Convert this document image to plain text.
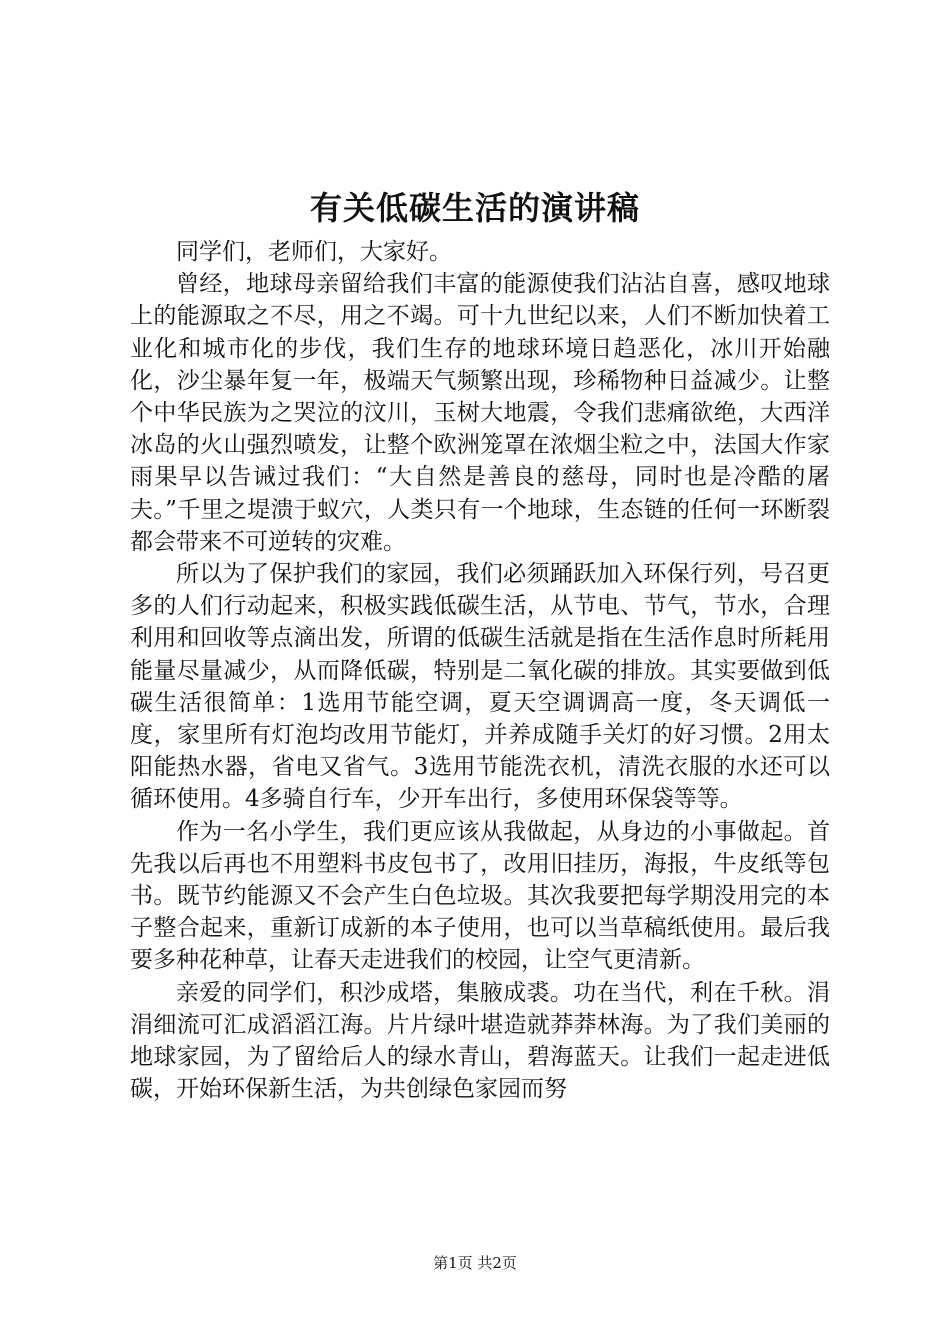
有关低碳生活的演讲稿

同学们，老师们，大家好。

曾经，地球母亲留给我们丰富的能源使我们沾沾自喜，感叹地球上的能源取之不尽，用之不竭。可十九世纪以来，人们不断加快着工业化和城市化的步伐，我们生存的地球环境日趋恶化，冰川开始融化，沙尘暴年复一年，极端天气频繁出现，珍稀物种日益减少。让整个中华民族为之哭泣的汶川，玉树大地震，令我们悲痛欲绝，大西洋冰岛的火山强烈喷发，让整个欧洲笼罩在浓烟尘粒之中，法国大作家雨果早以告诫过我们：“大自然是善良的慈母，同时也是冷酷的屠夫。”千里之堤溃于蚁穴，人类只有一个地球，生态链的任何一环断裂都会带来不可逆转的灾难。

所以为了保护我们的家园，我们必须踊跃加入环保行列，号召更多的人们行动起来，积极实践低碳生活，从节电、节气，节水，合理利用和回收等点滴出发，所谓的低碳生活就是指在生活作息时所耗用能量尽量减少，从而降低碳，特别是二氧化碳的排放。其实要做到低碳生活很简单：1选用节能空调，夏天空调调高一度，冬天调低一度，家里所有灯泡均改用节能灯，并养成随手关灯的好习惯。2用太阳能热水器，省电又省气。3选用节能洗衣机，清洗衣服的水还可以循环使用。4多骑自行车，少开车出行，多使用环保袋等等。

作为一名小学生，我们更应该从我做起，从身边的小事做起。首先我以后再也不用塑料书皮包书了，改用旧挂历，海报，牛皮纸等包书。既节约能源又不会产生白色垃圾。其次我要把每学期没用完的本子整合起来，重新订成新的本子使用，也可以当草稿纸使用。最后我要多种花种草，让春天走进我们的校园，让空气更清新。

亲爱的同学们，积沙成塔，集腋成裘。功在当代，利在千秋。涓涓细流可汇成滔滔江海。片片绿叶堪造就莽莽林海。为了我们美丽的地球家园，为了留给后人的绿水青山，碧海蓝天。让我们一起走进低碳，开始环保新生活，为共创绿色家园而努

第1页 共2页
